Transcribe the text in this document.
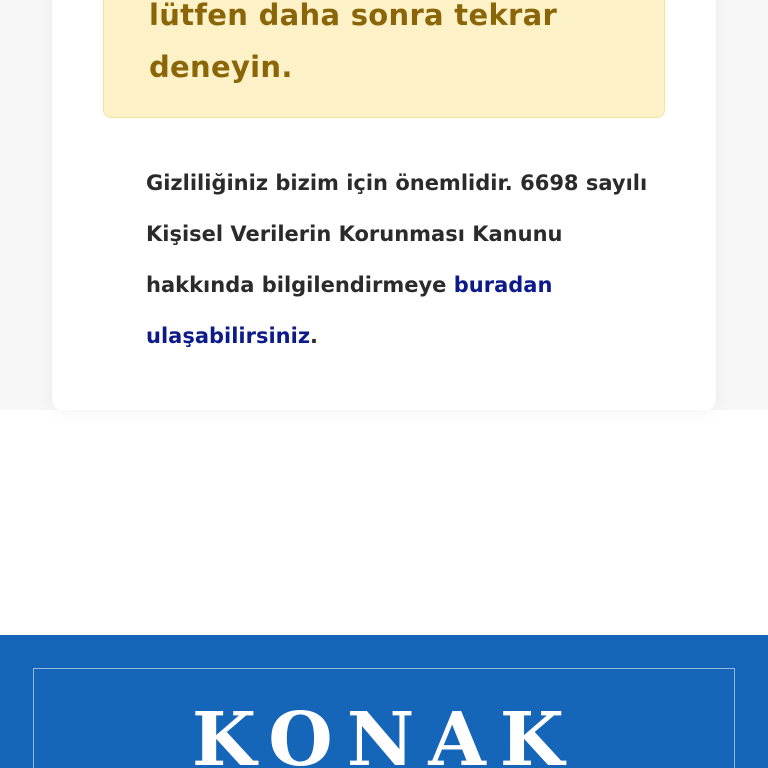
lütfen daha sonra tekrar
deneyin.

Gizliliğiniz bizim için önemlidir. 6698 sayılı Kişisel Verilerin Korunması Kanunu hakkında bilgilendirmeye buradan ulaşabilirsiniz.

KONAK
